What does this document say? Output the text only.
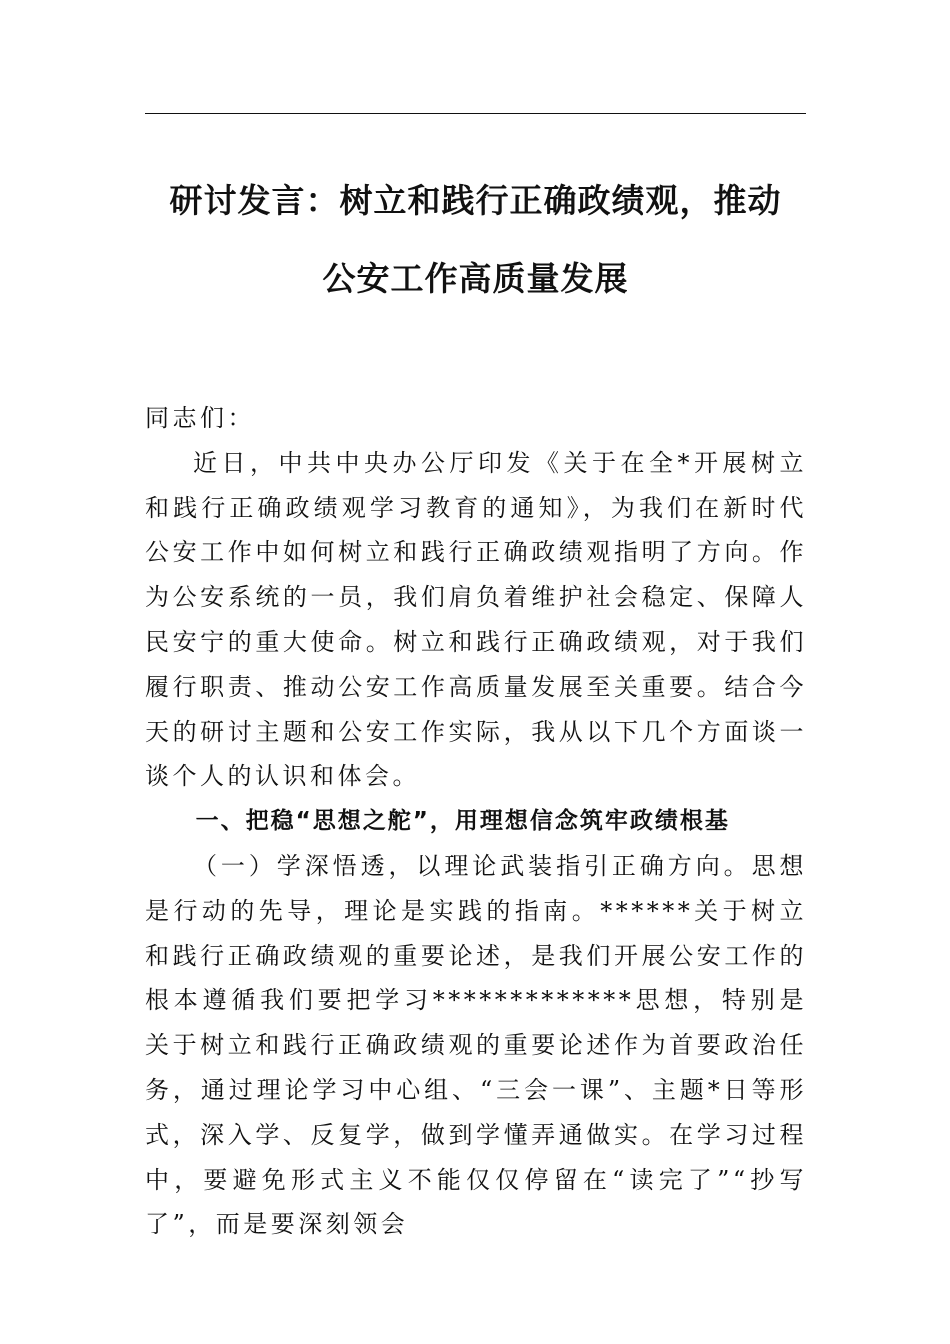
研讨发言：树立和践行正确政绩观，推动
公安工作高质量发展

同志们：

近日，中共中央办公厅印发《关于在全*开展树立和践行正确政绩观学习教育的通知》，为我们在新时代公安工作中如何树立和践行正确政绩观指明了方向。作为公安系统的一员，我们肩负着维护社会稳定、保障人民安宁的重大使命。树立和践行正确政绩观，对于我们履行职责、推动公安工作高质量发展至关重要。结合今天的研讨主题和公安工作实际，我从以下几个方面谈一谈个人的认识和体会。

一、把稳“思想之舵”，用理想信念筑牢政绩根基

（一）学深悟透，以理论武装指引正确方向。思想是行动的先导，理论是实践的指南。******关于树立和践行正确政绩观的重要论述，是我们开展公安工作的根本遵循我们要把学习*************思想，特别是关于树立和践行正确政绩观的重要论述作为首要政治任务，通过理论学习中心组、“三会一课”、主题*日等形式，深入学、反复学，做到学懂弄通做实。在学习过程中，要避免形式主义不能仅仅停留在“读完了”“抄写了”，而是要深刻领会
